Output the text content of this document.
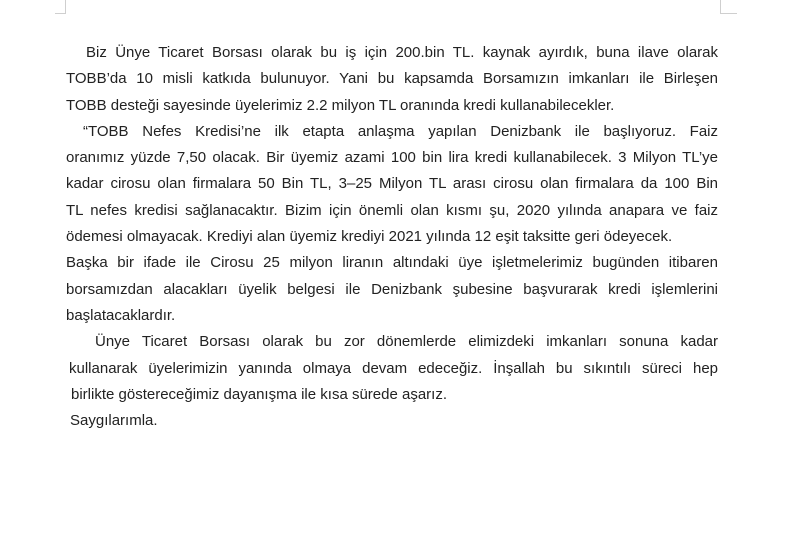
Biz Ünye Ticaret Borsası olarak bu iş için 200.bin TL. kaynak ayırdık, buna ilave olarak
TOBB’da 10 misli katkıda bulunuyor. Yani bu kapsamda Borsamızın imkanları ile Birleşen
TOBB desteği sayesinde üyelerimiz 2.2 milyon TL oranında kredi kullanabilecekler.
“TOBB Nefes Kredisi’ne ilk etapta anlaşma yapılan Denizbank ile başlıyoruz. Faiz
oranımız yüzde 7,50 olacak. Bir üyemiz azami 100 bin lira kredi kullanabilecek. 3 Milyon TL’ye
kadar cirosu olan firmalara 50 Bin TL, 3–25 Milyon TL arası cirosu olan firmalara da 100 Bin
TL nefes kredisi sağlanacaktır. Bizim için önemli olan kısmı şu, 2020 yılında anapara ve faiz
ödemesi olmayacak. Krediyi alan üyemiz krediyi 2021 yılında 12 eşit taksitte geri ödeyecek.
Başka bir ifade ile Cirosu 25 milyon liranın altındaki üye işletmelerimiz bugünden itibaren
borsamızdan alacakları üyelik belgesi ile Denizbank şubesine başvurarak kredi işlemlerini
başlatacaklardır.
Ünye Ticaret Borsası olarak bu zor dönemlerde elimizdeki imkanları sonuna kadar
kullanarak üyelerimizin yanında olmaya devam edeceğiz. İnşallah bu sıkıntılı süreci hep
birlikte göstereceğimiz dayanışma ile kısa sürede aşarız.
Saygılarımla.
